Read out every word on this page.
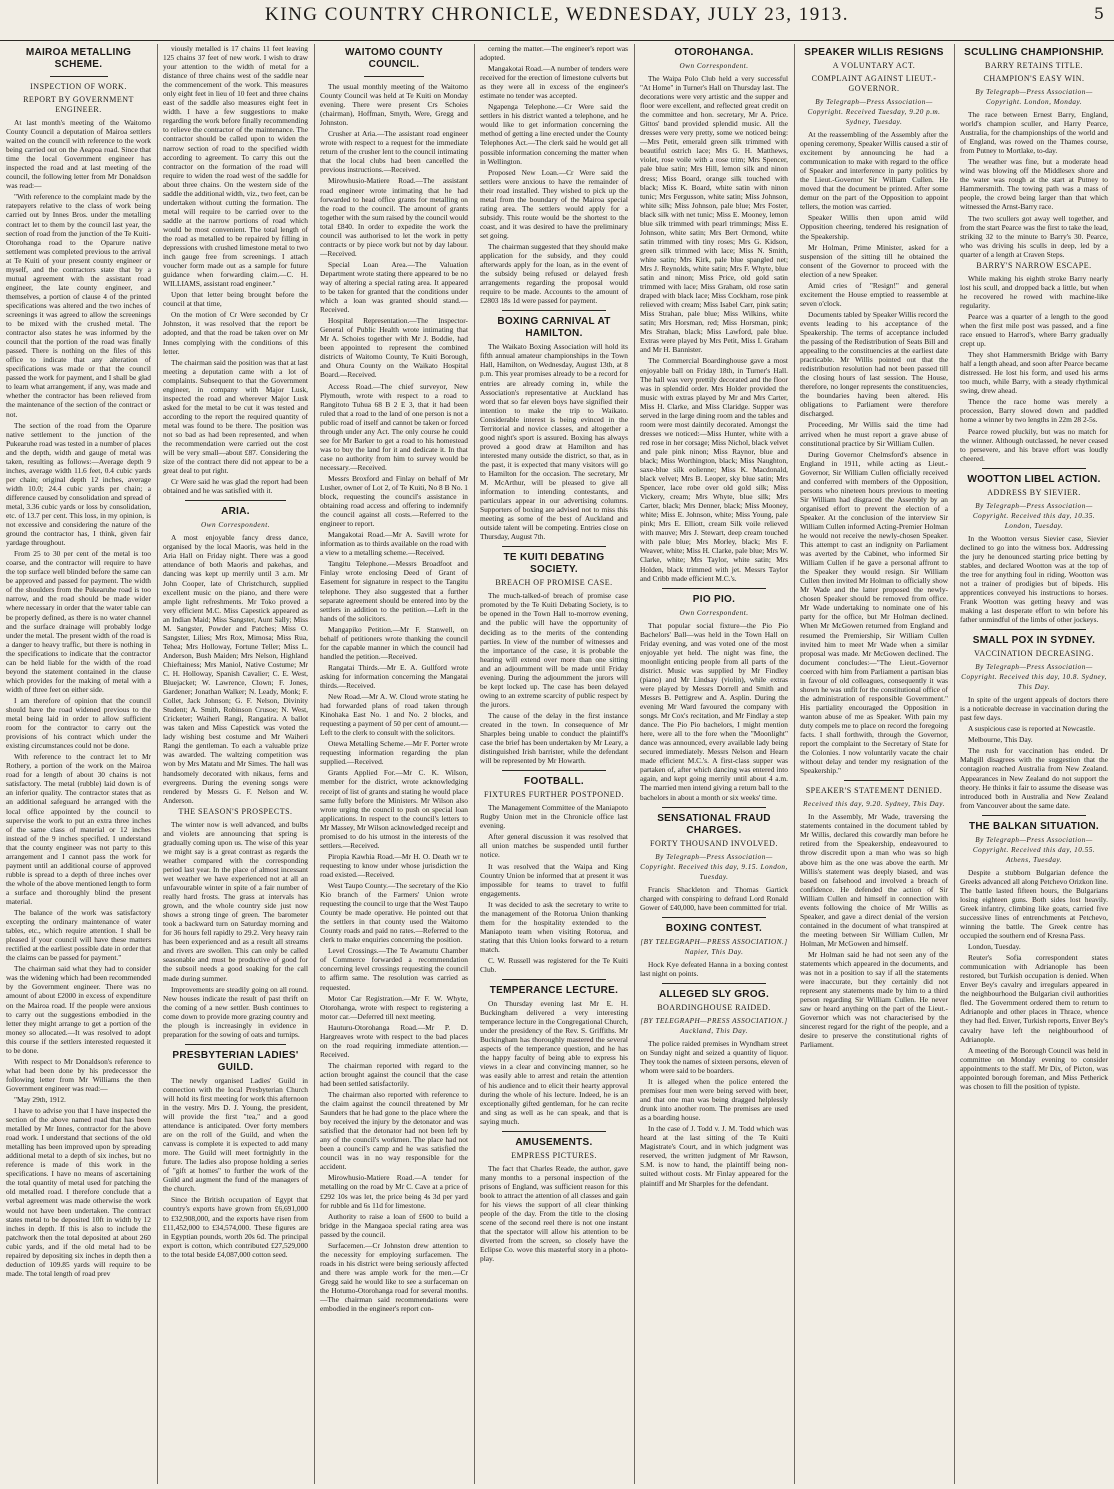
KING COUNTRY CHRONICLE, WEDNESDAY, JULY 23, 1913.	5
MAIROA METALLING SCHEME.
INSPECTION OF WORK.
REPORT BY GOVERNMENT ENGINEER.

At last month's meeting of the Waitomo County Council a deputation of Mairoa settlers waited on the council with reference to the work being carried out on the Aeapoa road. Since that time the local Government engineer has inspected the road and at last meeting of the council, the following letter from Mr Donaldson was read:—

"With reference to the complaint made by the ratepayers relative to the class of work being carried out by Innes Bros. under the metalling contract let to them by the council last year, the section of road from the junction of the Te Kuiti-Otorohanga road to the Oparure native settlement was completed previous to the arrival at Te Kuiti of your present county engineer or myself, and the contractors state that by a mutual agreement with the assistant road engineer, the late county engineer, and themselves, a portion of clause 4 of the printed specifications was altered and the two inches of screenings it was agreed to allow the screenings to be mixed with the crushed metal. The contractor also states he was informed by the council that the portion of the road was finally passed. There is nothing on the files of this office to indicate that any alteration of specifications was made or that the council passed the work for payment, and I shall be glad to learn what arrangement, if any, was made and whether the contractor has been relieved from the maintenance of the section of the contract or not.

The section of the road from the Oparure native settlement to the junction of the Pukearuhe road was tested in a number of places and the depth, width and gauge of metal was taken, resulting as follows:—Average depth 9 inches, average width 11.6 feet, 0.4 cubic yards per chain; original depth 12 inches, average width 10.0; 24.4 cubic yards per chain; a difference caused by consolidation and spread of metal, 3.36 cubic yards or loss by consolidation, etc. of 13.7 per cent. This loss, in my opinion, is not excessive and considering the nature of the ground the contractor has, I think, given fair yardage throughout.

From 25 to 30 per cent of the metal is too coarse, and the contractor will require to have the top surface well blinded before the same can be approved and passed for payment. The width of the shoulders from the Pukearuhe road is too narrow, and the road should be made wider where necessary in order that the water table can be properly defined, as there is no water channel and the surface drainage will probably lodge under the metal. The present width of the road is a danger to heavy traffic, but there is nothing in the specifications to indicate that the contractor can be held liable for the width of the road beyond the statement contained in the clause which provides for the making of metal with a width of three feet on either side.

I am therefore of opinion that the council should have the road widened previous to the metal being laid in order to allow sufficient room for the contractor to carry out the provisions of his contract which under the existing circumstances could not be done.

With reference to the contract let to Mr Rothery, a portion of the work on the Mairoa road for a length of about 30 chains is not satisfactory. The metal (rubble) laid down is of an inferior quality. The contractor states that as an additional safeguard he arranged with the local office appointed by the council to supervise the work to put an extra three inches of the same class of material or 12 inches instead of the 9 inches specified. I understand that the county engineer was not party to this arrangement and I cannot pass the work for payment until an additional course of approved rubble is spread to a depth of three inches over the whole of the above mentioned length to form a surface and thoroughly blind the present material.

The balance of the work was satisfactory excepting the ordinary maintenance of water tables, etc., which require attention. I shall be pleased if your council will have these matters rectified at the earliest possible date in order that the claims can be passed for payment."

The chairman said what they had to consider was the widening which had been recommended by the Government engineer. There was no amount of about £2000 in excess of expenditure on the Mairoa road. If the people were anxious to carry out the suggestions embodied in the letter they might arrange to get a portion of the money so allocated.—It was resolved to adopt this course if the settlers interested requested it to be done.

With respect to Mr Donaldson's reference to what had been done by his predecessor the following letter from Mr Williams the then Government engineer was read:—

"May 29th, 1912.

I have to advise you that I have inspected the section of the above named road that has been metalled by Mr Innes, contractor for the above road work. I understand that sections of the old metalling has been improved upon by spreading additional metal to a depth of six inches, but no reference is made of this work in the specifications. I have no means of ascertaining the total quantity of metal used for patching the old metalled road. I therefore conclude that a verbal agreement was made otherwise the work would not have been undertaken. The contract states metal to be deposited 10ft in width by 12 inches in depth. If this is also to include the patchwork then the total deposited at about 260 cubic yards, and if the old metal had to be repaired by depositing six inches in depth then a deduction of 109.85 yards will require to be made. The total length of road prev

viously metalled is 17 chains 11 feet leaving 125 chains 37 feet of new work. I wish to draw your attention to the width of metal for a distance of three chains west of the saddle near the commencement of the work. This measures only eight feet in lieu of 10 feet and three chains east of the saddle also measures eight feet in width. I have a few suggestions to make regarding the work before finally recommending to relieve the contractor of the maintenance. The contractor should be called upon to widen the narrow section of road to the specified width according to agreement. To carry this out the contractor on the formation of the road will require to widen the road west of the saddle for about three chains. On the western side of the saddle the additional width, viz., two feet, can be undertaken without cutting the formation. The metal will require to be carried over to the saddle at the narrow portions of road which would be most convenient. The total length of the road as metalled to be repaired by filling in depressions with crushed limestone metal to two inch gauge free from screenings. I attach voucher form made out as a sample for future guidance when forwarding claim.—C. H. WILLIAMS, assistant road engineer."

Upon that letter being brought before the council at that time,

On the motion of Cr Were seconded by Cr Johnston, it was resolved that the report be adopted, and that the road be taken over on Mr Innes complying with the conditions of this letter.

The chairman said the position was that at last meeting a deputation came with a lot of complaints. Subsequent to that the Government engineer, in company with Major Lusk, inspected the road and wherever Major Lusk asked for the metal to be cut it was tested and according to the report the required quantity of metal was found to be there. The position was not so bad as had been represented, and when the recommendation were carried out the cost will be very small—about £87. Considering the size of the contract there did not appear to be a great deal to put right.

Cr Were said he was glad the report had been obtained and he was satisfied with it.

ARIA.
Own Correspondent.

A most enjoyable fancy dress dance, organised by the local Maoris, was held in the Aria Hall on Friday night. There was a good attendance of both Maoris and pakehas, and dancing was kept up merrily until 3 a.m. Mr John Cooper, late of Christchurch, supplied excellent music on the piano, and there were ample light refreshments. Mr Toko proved a very efficient M.C. Miss Capestick appeared as an Indian Maid; Miss Sangster, Aunt Sally; Miss M. Sangster, Powder and Patches; Miss O. Sangster, Lilies; Mrs Rox, Mimosa; Miss Rua, Tehea; Mrs Holloway, Fortune Teller; Miss L. Anderson, Bush Maiden; Mrs Nelson, Highland Chieftainess; Mrs Maniol, Native Costume; Mr C. H. Holloway, Spanish Cavalier; C. E. West, Bluejacket; W. Lawrence, Clown; F. Jones, Gardener; Jonathan Walker; N. Leady, Monk; F. Collet, Jack Johnson; G. F. Nelson, Divinity Student; A. Smith, Robinson Crusoe; N. West, Cricketer; Waiheri Rangi, Rangatira. A ballot was taken and Miss Capestick was voted the lady wishing best costume and Mr Waiheri Rangi the gentleman. To each a valuable prize was awarded. The waltzing competition was won by Mrs Matatu and Mr Simes. The hall was handsomely decorated with nikaus, ferns and evergreens. During the evening songs were rendered by Messrs G. F. Nelson and W. Anderson.

THE SEASON'S PROSPECTS.

The winter now is well advanced, and bulbs and violets are announcing that spring is gradually coming upon us. The wise of this year we might say is a great contrast as regards the weather compared with the corresponding period last year. In the place of almost incessant wet weather we have experienced not at all an unfavourable winter in spite of a fair number of really hard frosts. The grass at intervals has grown, and the whole country side just now shows a strong tinge of green. The barometer took a backward turn on Saturday morning and for 36 hours fell rapidly to 29.2. Very heavy rain has been experienced and as a result all streams and rivers are swollen. This can only be called seasonable and must be productive of good for the subsoil needs a good soaking for the call made during summer.

Improvements are steadily going on all round. New houses indicate the result of past thrift on the coming of a new settler. Bush continues to come down to provide more grazing country and the plough is increasingly in evidence in preparation for the sowing of oats and turnips.

PRESBYTERIAN LADIES' GUILD.

The newly organised Ladies' Guild in connection with the local Presbyterian Church will hold its first meeting for work this afternoon in the vestry. Mrs D. J. Young, the president, will provide the first "tea," and a good attendance is anticipated. Over forty members are on the roll of the Guild, and when the canvass is complete it is expected to add many more. The Guild will meet fortnightly in the future. The ladies also propose holding a series of "gift at homes" to further the work of the Guild and augment the fund of the managers of the church.

Since the British occupation of Egypt that country's exports have grown from £6,691,000 to £32,908,000, and the exports have risen from £11,452,000 to £34,574,000. These figures are in Egyptian pounds, worth 20s 6d. The principal export is cotton, which contributed £27,529,000 to the total beside £4,087,000 cotton seed.

WAITOMO COUNTY COUNCIL.

The usual monthly meeting of the Waitomo County Council was held at Te Kuiti on Monday evening. There were present Crs Schoies (chairman), Hoffman, Smyth, Were, Gregg and Johnston.

Crusher at Aria.—The assistant road engineer wrote with respect to a request for the immediate return of the crusher lent to the council intimating that the local clubs had been cancelled the previous instructions.—Received.

Mirowhusio-Matiere Road.—The assistant road engineer wrote intimating that he had forwarded to head office grants for metalling on the road to the council. The amount of grants together with the sum raised by the council would total £840. In order to expedite the work the council was authorised to let the work in petty contracts or by piece work but not by day labour.—Received.

Special Loan Area.—The Valuation Department wrote stating there appeared to be no way of altering a special rating area. It appeared to be taken for granted that the conditions under which a loan was granted should stand.—Received.

Hospital Representation.—The Inspector-General of Public Health wrote intimating that Mr A. Schoies together with Mr J. Boddie, had been appointed to represent the combined districts of Waitomo County, Te Kuiti Borough, and Ohura County on the Waikato Hospital Board.—Received.

Access Road.—The chief surveyor, New Plymouth, wrote with respect to a road to Rangitoto Tuhua 68 B 2 E 3, that it had been ruled that a road to the land of one person is not a public road of itself and cannot be taken or forced through under any Act. The only course he could see for Mr Barker to get a road to his homestead was to buy the land for it and dedicate it. In that case no authority from him to survey would be necessary.—Received.

Messrs Broxford and Finlay on behalf of Mr Lusher, owner of Lot 2, of Te Kuiti, No 8 B No. 1 block, requesting the council's assistance in obtaining road access and offering to indemnify the council against all costs.—Referred to the engineer to report.

Mangakotai Road.—Mr A. Savill wrote for information as to thirds available on the road with a view to a metalling scheme.—Received.

Tangitu Telephone.—Messrs Broadfoot and Finlay wrote enclosing Deed of Grant of Easement for signature in respect to the Tangitu telephone. They also suggested that a further separate agreement should be entered into by the settlers in addition to the petition.—Left in the hands of the solicitors.

Mangapiko Petition.—Mr F. Stanwell, on behalf of petitioners wrote thanking the council for the capable manner in which the council had handled the petition.—Received.

Rangatai Thirds.—Mr E. A. Gullford wrote asking for information concerning the Mangatai thirds.—Received.

New Road.—Mr A. W. Cloud wrote stating he had forwarded plans of road taken through Kinohaka East No. 1 and No. 2 blocks, and requesting a payment of 50 per cent of amount.—Left to the clerk to consult with the solicitors.

Otewa Metalling Scheme.—Mr F. Porter wrote requesting information regarding the plan supplied.—Received.

Grants Applied For.—Mr C. K. Wilson, member for the district, wrote acknowledging receipt of list of grants and stating he would place same fully before the Ministers. Mr Wilson also wrote urging the council to push on special loan applications. In respect to the council's letters to Mr Massey, Mr Wilson acknowledged receipt and promised to do his utmost in the interests of the settlers.—Received.

Piropia Kawhia Road.—Mr H. O. Death wr te requesting to know under whose jurisdiction the road existed.—Received.

West Taupo County.—The secretary of the Kio Kio branch of the Farmers' Union wrote requesting the council to urge that the West Taupo County be made operative. He pointed out that the settlers in that county used the Waitomo County roads and paid no rates.—Referred to the clerk to make enquiries concerning the position.

Level Crossings.—The Te Awamutu Chamber of Commerce forwarded a recommendation concerning level crossings requesting the council to affirm same. The resolution was carried as requested.

Motor Car Registration.—Mr F. W. Whyte, Otorohanga, wrote with respect to registering a motor car.—Deferred till next meeting.

Hauturu-Otorohanga Road.—Mr P. D. Hargreaves wrote with respect to the bad places on the road requiring immediate attention.—Received.

The chairman reported with regard to the action brought against the council that the case had been settled satisfactorily.

The chairman also reported with reference to the claim against the council threatened by Mr Saunders that he had gone to the place where the boy received the injury by the detonator and was satisfied that the detonator had not been left by any of the council's workmen. The place had not been a council's camp and he was satisfied the council was in no way responsible for the accident.

Mirowhusio-Matiere Road.—A tender for metalling on the road by Mr C. Cave at a price of £292 10s was let, the price being 4s 3d per yard for rubble and 6s 11d for limestone.

Authority to raise a loan of £600 to build a bridge in the Mangaoa special rating area was passed by the council.

Surfacemen.—Cr Johnston drew attention to the necessity for employing surfacemen. The roads in his district were being seriously affected and there was ample work for the men.—Cr Gregg said he would like to see a surfaceman on the Hotumo-Otorohanga road for several months.—The chairman said recommendations were embodied in the engineer's report con-

cerning the matter.—The engineer's report was adopted.

Mangakotai Road.—A number of tenders were received for the erection of limestone culverts but as they were all in excess of the engineer's estimate no tender was accepted.

Ngapenga Telephone.—Cr Were said the settlers in his district wanted a telephone, and he would like to get information concerning the method of getting a line erected under the County Telephones Act.—The clerk said he would get all possible information concerning the matter when in Wellington.

Proposed New Loan.—Cr Were said the settlers were anxious to have the remainder of their road installed. They wished to pick up the metal from the boundary of the Mairoa special rating area. The settlers would apply for a subsidy. This route would be the shortest to the coast, and it was desired to have the preliminary set going.

The chairman suggested that they should make application for the subsidy, and they could afterwards apply for the loan, as in the event of the subsidy being refused or delayed fresh arrangements regarding the proposal would require to be made. Accounts to the amount of £2803 18s 1d were passed for payment.

BOXING CARNIVAL AT HAMILTON.

The Waikato Boxing Association will hold its fifth annual amateur championships in the Town Hall, Hamilton, on Wednesday, August 13th, at 8 p.m. This year promises already to be a record for entries are already coming in, while the Association's representative at Auckland has word that so far eleven boys have signified their intention to make the trip to Waikato. Considerable interest is being evinced in the Territorial and novice classes, and altogether a good night's sport is assured. Boxing has always proved a good draw at Hamilton and has interested many outside the district, so that, as in the past, it is expected that many visitors will go to Hamilton for the occasion. The secretary, Mr M. McArthur, will be pleased to give all information to intending contestants, and particulars appear in our advertising columns. Supporters of boxing are advised not to miss this meeting as some of the best of Auckland and outside talent will be competing. Entries close on Thursday, August 7th.

TE KUITI DEBATING SOCIETY.
BREACH OF PROMISE CASE.

The much-talked-of breach of promise case promoted by the Te Kuiti Debating Society, is to be opened in the Town Hall to-morrow evening, and the public will have the opportunity of deciding as to the merits of the contending parties. In view of the number of witnesses and the importance of the case, it is probable the hearing will extend over more than one sitting and an adjournment will be made until Friday evening. During the adjournment the jurors will be kept locked up. The case has been delayed owing to an extreme scarcity of public respect by the jurors.

The cause of the delay in the first instance created in the town. In consequence of Mr Sharples being unable to conduct the plaintiff's case the brief has been undertaken by Mr Leary, a distinguished Irish barrister, while the defendant will be represented by Mr Howarth.

FOOTBALL.
FIXTURES FURTHER POSTPONED.

The Management Committee of the Maniapoto Rugby Union met in the Chronicle office last evening.

After general discussion it was resolved that all union matches be suspended until further notice.

It was resolved that the Waipa and King Country Union be informed that at present it was impossible for teams to travel to fulfil engagements.

It was decided to ask the secretary to write to the management of the Rotorua Union thanking them for the hospitality extended to the Maniapoto team when visiting Rotorua, and stating that this Union looks forward to a return match.

C. W. Russell was registered for the Te Kuiti Club.

TEMPERANCE LECTURE.

On Thursday evening last Mr E. H. Buckingham delivered a very interesting temperance lecture in the Congregational Church, under the presidency of the Rev. S. Griffiths. Mr Buckingham has thoroughly mastered the several aspects of the temperance question, and he has the happy faculty of being able to express his views in a clear and convincing manner, so he was easily able to arrest and retain the attention of his audience and to elicit their hearty approval during the whole of his lecture. Indeed, he is an exceptionally gifted gentleman, for he can recite and sing as well as he can speak, and that is saying much.

AMUSEMENTS.
EMPRESS PICTURES.

The fact that Charles Reade, the author, gave many months to a personal inspection of the prisons of England, was sufficient reason for this book to attract the attention of all classes and gain for his views the support of all clear thinking people of the day. From the title to the closing scene of the second reel there is not one instant that the spectator will allow his attention to be diverted from the screen, so closely have the Eclipse Co. wove this masterful story in a photo-play.

OTOROHANGA.
Own Correspondent.

The Waipa Polo Club held a very successful "At Home" in Turner's Hall on Thursday last. The decorations were very artistic and the supper and floor were excellent, and reflected great credit on the committee and hon. secretary, Mr A. Price. Gittos' band provided splendid music. All the dresses were very pretty, some we noticed being:—Mrs Petit, emerald green silk trimmed with beautiful ostrich lace; Mrs G. H. Matthews, violet, rose voile with a rose trim; Mrs Spencer, pale blue satin; Mrs Hill, lemon silk and ninon dress; Miss Board, orange silk touched with black; Miss K. Board, white satin with ninon tunic; Mrs Fergusson, white satin; Miss Johnson, white silk; Miss Johnson, pale blue; Mrs Foster, black silk with net tunic; Miss E. Mooney, lemon blue silk trimmed with pearl trimmings; Miss E. Johnson, white satin; Mrs Bert Ormond, white satin trimmed with tiny roses; Mrs G. Kidson, green silk trimmed with lace; Miss N. Smith, white satin; Mrs Kirk, pale blue spangled net; Mrs J. Reynolds, white satin; Mrs F. Whyte, blue satin and ninon; Miss Price, old gold satin trimmed with lace; Miss Graham, old rose satin draped with black lace; Miss Cockham, rose pink relieved with cream; Miss Isabel Carr, pink satin; Miss Strahan, pale blue; Miss Wilkins, white satin; Mrs Horsman, red; Miss Horsman, pink; Mrs Strahan, black; Miss Lawford, pale blue. Extras were played by Mrs Petit, Miss I. Graham and Mr H. Bannister.

The Commercial Boardinghouse gave a most enjoyable ball on Friday 18th, in Turner's Hall. The hall was very prettily decorated and the floor was in splendid order. Mrs Holder provided the music with extras played by Mr and Mrs Carter, Miss H. Clarke, and Miss Claridge. Supper was served in the large dining room and the tables and room were most daintily decorated. Amongst the dresses we noticed:—Miss Hunter, white with a red rose in her corsage; Miss Nichol, black velvet and pale pink ninon; Miss Raynor, blue and black; Miss Worthington, black; Miss Naughton, saxe-blue silk eolienne; Miss K. Macdonald, black velvet; Mrs B. Leoper, sky blue satin; Mrs Spencer, lace robe over old gold silk; Miss Vickery, cream; Mrs Whyte, blue silk; Mrs Carter, black; Mrs Denner, black; Miss Mooney, white; Miss E. Johnson, white; Miss Young, pale pink; Mrs E. Elliott, cream Silk voile relieved with mauve; Mrs J. Stewart, deep cream touched with pale blue; Mrs Morley, black; Mrs F. Weaver, white; Miss H. Clarke, pale blue; Mrs W. Clarke, white; Mrs Taylor, white satin; Mrs Holden, black trimmed with jet. Messrs Taylor and Cribb made efficient M.C.'s.

PIO PIO.
Own Correspondent.

That popular social fixture—the Pio Pio Bachelors' Ball—was held in the Town Hall on Friday evening, and was voted one of the most enjoyable yet held. The night was fine, the moonlight enticing people from all parts of the district. Music was supplied by Mr Findley (piano) and Mr Lindsay (violin), while extras were played by Messrs Dorrell and Smith and Messrs B. Pettigrew and A. Asplin. During the evening Mr Ward favoured the company with songs. Mr Cox's recitation, and Mr Findlay a step dance. The Pio Pio bachelors, I might mention here, were all to the fore when the "Moonlight" dance was announced, every available lady being secured immediately. Messrs Nelson and Hearn made efficient M.C.'s. A first-class supper was partaken of, after which dancing was entered into again, and kept going merrily until about 4 a.m. The married men intend giving a return ball to the bachelors in about a month or six weeks' time.

SENSATIONAL FRAUD CHARGES.
FORTY THOUSAND INVOLVED.
By Telegraph—Press Association—Copyright. Received this day, 9.15. London, Tuesday.

Francis Shackleton and Thomas Gartick charged with conspiring to defraud Lord Ronald Gower of £40,000, have been committed for trial.

BOXING CONTEST.
[BY TELEGRAPH—PRESS ASSOCIATION.] Napier, This Day.

Hock Kye defeated Hanna in a boxing contest last night on points.

ALLEGED SLY GROG.
BOARDINGHOUSE RAIDED.
[BY TELEGRAPH—PRESS ASSOCIATION.] Auckland, This Day.

The police raided premises in Wyndham street on Sunday night and seized a quantity of liquor. They took the names of sixteen persons, eleven of whom were said to be boarders.

It is alleged when the police entered the premises four men were being served with beer, and that one man was being dragged helplessly drunk into another room. The premises are used as a boarding house.

In the case of J. Todd v. J. M. Todd which was heard at the last sitting of the Te Kuiti Magistrate's Court, and in which judgment was reserved, the written judgment of Mr Rawson, S.M. is now to hand, the plaintiff being non-suited without costs. Mr Finlay appeared for the plaintiff and Mr Sharples for the defendant.

SPEAKER WILLIS RESIGNS
A VOLUNTARY ACT.
COMPLAINT AGAINST LIEUT.-GOVERNOR.
By Telegraph—Press Association—Copyright. Received Tuesday, 9.20 p.m. Sydney, Tuesday.

At the reassembling of the Assembly after the opening ceremony, Speaker Willis caused a stir of excitement by announcing he had a communication to make with regard to the office of Speaker and interference in party politics by the Lieut.-Governor Sir William Cullen. He moved that the document be printed. After some demur on the part of the Opposition to appoint tellers, the motion was carried.

Speaker Willis then upon amid wild Opposition cheering, tendered his resignation of the Speakership.

Mr Holman, Prime Minister, asked for a suspension of the sitting till he obtained the consent of the Governor to proceed with the election of a new Speaker.

Amid cries of "Resign!" and general excitement the House emptied to reassemble at seven o'clock.

Documents tabled by Speaker Willis record the events leading to his acceptance of the Speakership. The terms of acceptance included the passing of the Redistribution of Seats Bill and appealing to the constituencies at the earliest date practicable. Mr Willis pointed out that the redistribution resolution had not been passed till the closing hours of last session. The House, therefore, no longer represents the constituencies, the boundaries having been altered. His obligations to Parliament were therefore discharged.

Proceeding, Mr Willis said the time had arrived when he must report a grave abuse of constitutional practice by Sir William Cullen.

During Governor Chelmsford's absence in England in 1911, while acting as Lieut.-Governor, Sir William Cullen officially received and conferred with members of the Opposition, persons who nineteen hours previous to meeting Sir William had disgraced the Assembly by an organised effort to prevent the election of a Speaker. At the conclusion of the interview Sir William Cullen informed Acting-Premier Holman he would not receive the newly-chosen Speaker. This attempt to cast an indignity on Parliament was averted by the Cabinet, who informed Sir William Cullen if he gave a personal affront to the Speaker they would resign. Sir William Cullen then invited Mr Holman to officially show Mr Wade and the latter proposed the newly-chosen Speaker should be removed from office. Mr Wade undertaking to nominate one of his party for the office, but Mr Holman declined. When Mr McGowen returned from England and resumed the Premiership, Sir William Cullen invited him to meet Mr Wade when a similar proposal was made. Mr McGowen declined. The document concludes:—"The Lieut.-Governor coerced with him from Parliament a partisan bias in favour of old colleagues, consequently it was shown he was unfit for the constitutional office of the administration of responsible Government." His partiality encouraged the Opposition in wanton abuse of me as Speaker. With pain my duty compels me to place on record the foregoing facts. I shall forthwith, through the Governor, report the complaint to the Secretary of State for the Colonies. I now voluntarily vacate the chair without delay and tender my resignation of the Speakership."

SPEAKER'S STATEMENT DENIED.
Received this day, 9.20. Sydney, This Day.

In the Assembly, Mr Wade, traversing the statements contained in the document tabled by Mr Willis, declared this cowardly man before he retired from the Speakership, endeavoured to throw discredit upon a man who was so high above him as the one was above the earth. Mr Willis's statement was deeply biased, and was based on falsehood and involved a breach of confidence. He defended the action of Sir William Cullen and himself in connection with events following the choice of Mr Willis as Speaker, and gave a direct denial of the version contained in the document of what transpired at the meeting between Sir William Cullen, Mr Holman, Mr McGowen and himself.

Mr Holman said he had not seen any of the statements which appeared in the documents, and was not in a position to say if all the statements were inaccurate, but they certainly did not represent any statements made by him to a third person regarding Sir William Cullen. He never saw or heard anything on the part of the Lieut.-Governor which was not characterised by the sincerest regard for the right of the people, and a desire to preserve the constitutional rights of Parliament.

SCULLING CHAMPIONSHIP.
BARRY RETAINS TITLE.
CHAMPION'S EASY WIN.
By Telegraph—Press Association—Copyright. London, Monday.

The race between Ernest Barry, England, world's champion sculler, and Harry Pearce, Australia, for the championships of the world and of England, was rowed on the Thames course, from Putney to Mortlake, to-day.

The weather was fine, but a moderate head wind was blowing off the Middlesex shore and the water was rough at the start at Putney to Hammersmith. The towing path was a mass of people, the crowd being larger than that which witnessed the Arnst-Barry race.

The two scullers got away well together, and from the start Pearce was the first to take the lead, striking 32 to the minute to Barry's 30. Pearce, who was driving his sculls in deep, led by a quarter of a length at Craven Steps.

BARRY'S NARROW ESCAPE.

While making his eighth stroke Barry nearly lost his scull, and dropped back a little, but when he recovered he rowed with machine-like regularity.

Pearce was a quarter of a length to the good when the first mile post was passed, and a fine race ensued to Harrod's, where Barry gradually crept up.

They shot Hammersmith Bridge with Barry half a length ahead, and soon after Pearce became distressed. He lost his form, and used his arms too much, while Barry, with a steady rhythmical swing, drew ahead.

Thence the race home was merely a procession, Barry slowed down and paddled home a winner by two lengths in 22m 28 2-5s.

Pearce rowed pluckily, but was no match for the winner. Although outclassed, he never ceased to persevere, and his brave effort was loudly cheered.

WOOTTON LIBEL ACTION.
ADDRESS BY SIEVIER.
By Telegraph—Press Association—Copyright. Received this day, 10.35. London, Tuesday.

In the Wootton versus Sievier case, Sievier declined to go into the witness box. Addressing the jury he denounced starting price betting by stables, and declared Wootton was at the top of the tree for anything foul in riding. Wootton was not a trainer of prodigies but of bipeds. His apprentices conveyed his instructions to horses. Frank Wootton was getting heavy and was making a last desperate effort to win before his father unmindful of the limbs of other jockeys.

SMALL POX IN SYDNEY.
VACCINATION DECREASING.
By Telegraph—Press Association—Copyright. Received this day, 10.8. Sydney, This Day.

In spite of the urgent appeals of doctors there is a noticeable decrease in vaccination during the past few days.

A suspicious case is reported at Newcastle.

Melbourne, This Day.

The rush for vaccination has ended. Dr Mahgill disagrees with the suggestion that the contagion reached Australia from New Zealand. Appearances in New Zealand do not support the theory. He thinks it fair to assume the disease was introduced both in Australia and New Zealand from Vancouver about the same date.

THE BALKAN SITUATION.
By Telegraph—Press Association—Copyright. Received this day, 10.55. Athens, Tuesday.

Despite a stubborn Bulgarian defence the Greeks advanced all along Petchevo Orizkon line. The battle lasted fifteen hours, the Bulgarians losing eighteen guns. Both sides lost heavily. Greek infantry, climbing like goats, carried five successive lines of entrenchments at Petchevo, winning the battle. The Greek centre has occupied the southern end of Kresna Pass.

London, Tuesday.

Reuter's Sofia correspondent states communication with Adrianople has been restored, but Turkish occupation is denied. When Enver Bey's cavalry and irregulars appeared in the neighbourhood the Bulgarian civil authorities fled. The Government ordered them to return to Adrianople and other places in Thrace, whence they had fled. Enver, Turkish reports, Enver Bey's cavalry have left the neighbourhood of Adrianople.

A meeting of the Borough Council was held in committee on Monday evening to consider appointments to the staff. Mr Dix, of Picton, was appointed borough foreman, and Miss Petherick was chosen to fill the position of typiste.
